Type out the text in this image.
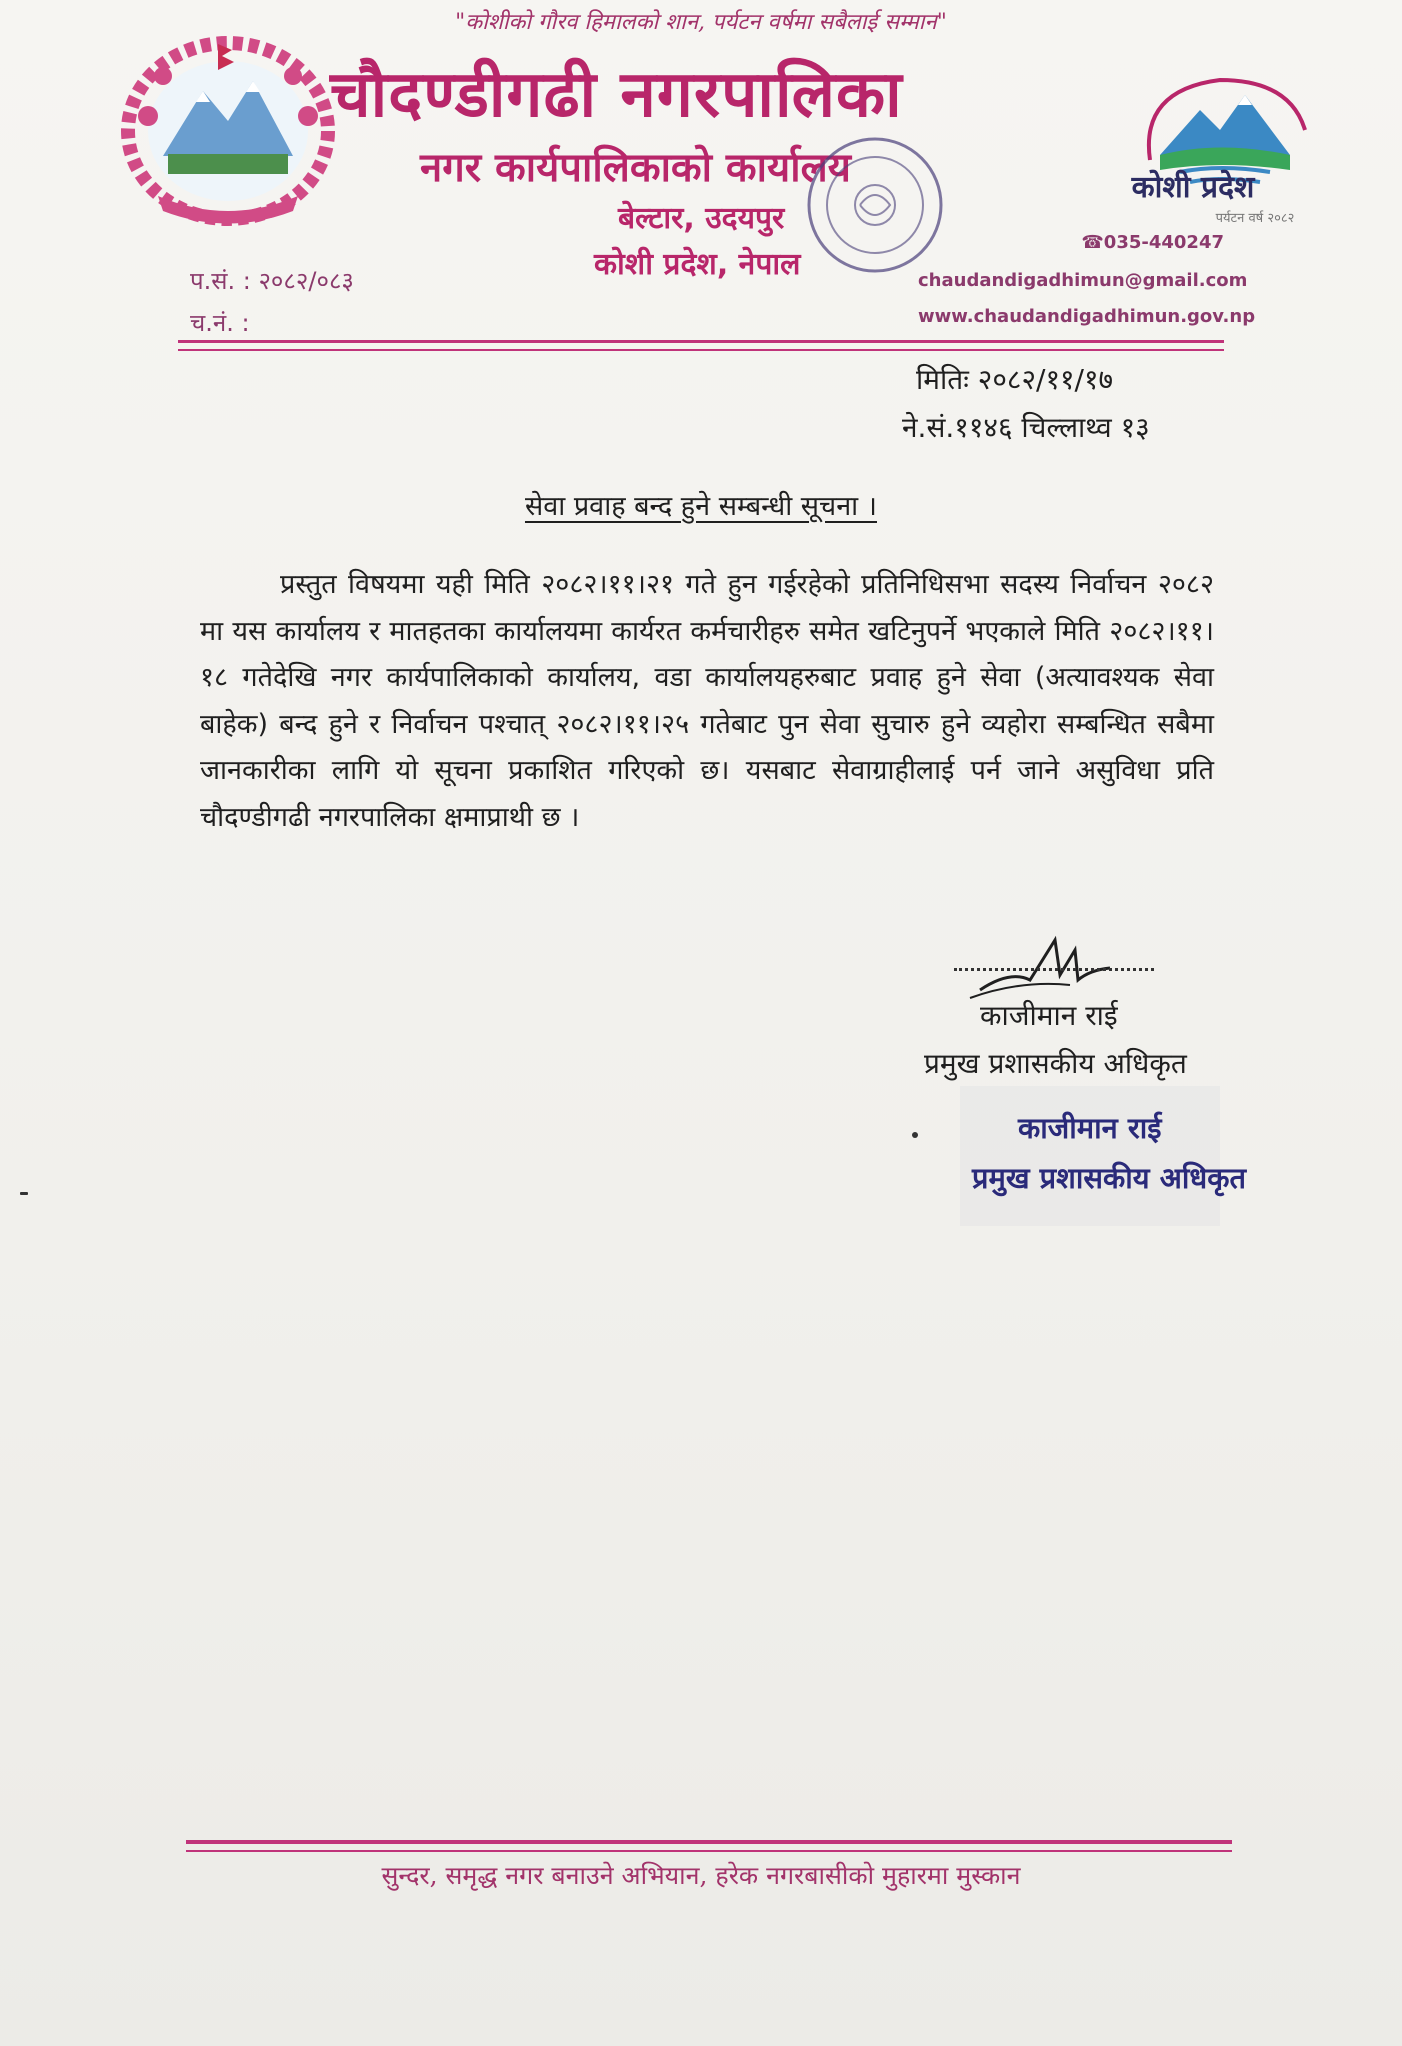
"कोशीको गौरव हिमालको शान, पर्यटन वर्षमा सबैलाई सम्मान"
चौदण्डीगढी नगरपालिका
नगर कार्यपालिकाको कार्यालय
बेल्टार, उदयपुर
कोशी प्रदेश, नेपाल
कोशी प्रदेश
पर्यटन वर्ष २०८२
प.सं. : २०८२/०८३
च.नं. :
☎035-440247
chaudandigadhimun@gmail.com
www.chaudandigadhimun.gov.np
मितिः २०८२/११/१७
ने.सं.११४६ चिल्लाथ्व १३
सेवा प्रवाह बन्द हुने सम्बन्धी सूचना ।
प्रस्तुत विषयमा यही मिति २०८२।११।२१ गते हुन गईरहेको प्रतिनिधिसभा सदस्य निर्वाचन २०८२ मा यस कार्यालय र मातहतका कार्यालयमा कार्यरत कर्मचारीहरु समेत खटिनुपर्ने भएकाले मिति २०८२।११।१८ गतेदेखि नगर कार्यपालिकाको कार्यालय, वडा कार्यालयहरुबाट प्रवाह हुने सेवा (अत्यावश्यक सेवा बाहेक) बन्द हुने र निर्वाचन पश्चात् २०८२।११।२५ गतेबाट पुन सेवा सुचारु हुने व्यहोरा सम्बन्धित सबैमा जानकारीका लागि यो सूचना प्रकाशित गरिएको छ। यसबाट सेवाग्राहीलाई पर्न जाने असुविधा प्रति चौदण्डीगढी नगरपालिका क्षमाप्राथी छ ।
काजीमान राई
प्रमुख प्रशासकीय अधिकृत
काजीमान राई
प्रमुख प्रशासकीय अधिकृत
सुन्दर, समृद्ध नगर बनाउने अभियान, हरेक नगरबासीको मुहारमा मुस्कान
